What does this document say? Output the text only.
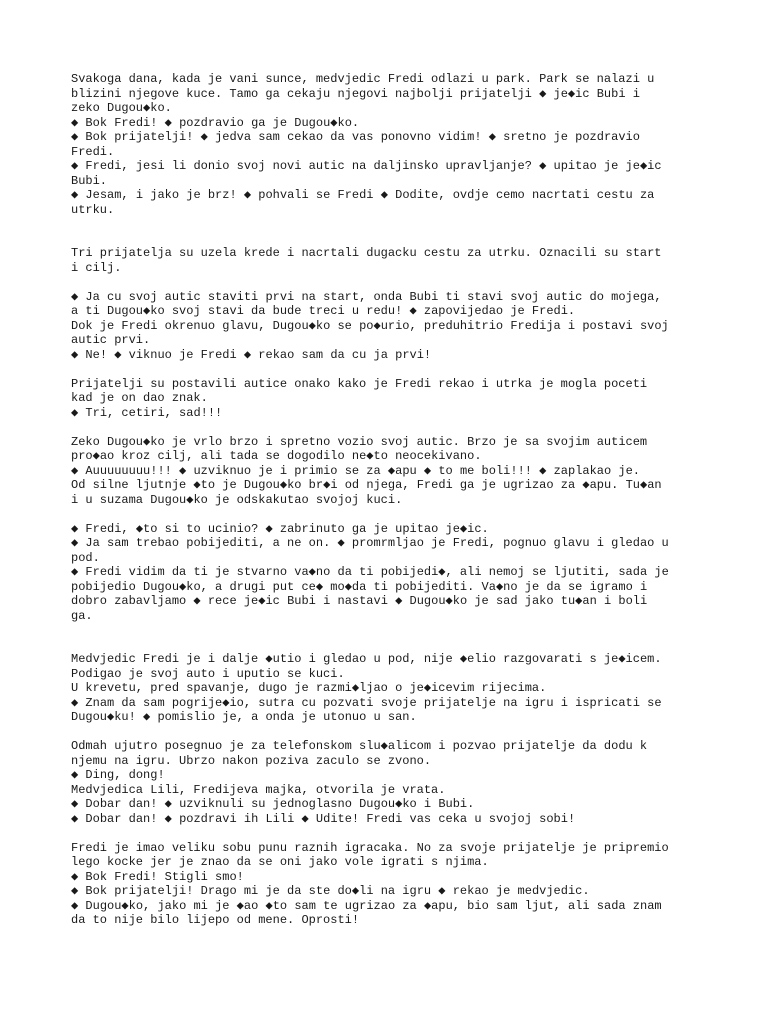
Svakoga dana, kada je vani sunce, medvjedic Fredi odlazi u park. Park se nalazi u
blizini njegove kuce. Tamo ga cekaju njegovi najbolji prijatelji ◆ je◆ic Bubi i
zeko Dugou◆ko.
◆ Bok Fredi! ◆ pozdravio ga je Dugou◆ko.
◆ Bok prijatelji! ◆ jedva sam cekao da vas ponovno vidim! ◆ sretno je pozdravio
Fredi.
◆ Fredi, jesi li donio svoj novi autic na daljinsko upravljanje? ◆ upitao je je◆ic
Bubi.
◆ Jesam, i jako je brz! ◆ pohvali se Fredi ◆ Dodite, ovdje cemo nacrtati cestu za
utrku.
Tri prijatelja su uzela krede i nacrtali dugacku cestu za utrku. Oznacili su start
i cilj.
◆ Ja cu svoj autic staviti prvi na start, onda Bubi ti stavi svoj autic do mojega,
a ti Dugou◆ko svoj stavi da bude treci u redu! ◆ zapovijedao je Fredi.
Dok je Fredi okrenuo glavu, Dugou◆ko se po◆urio, preduhitrio Fredija i postavi svoj
autic prvi.
◆ Ne! ◆ viknuo je Fredi ◆ rekao sam da cu ja prvi!
Prijatelji su postavili autice onako kako je Fredi rekao i utrka je mogla poceti
kad je on dao znak.
◆ Tri, cetiri, sad!!!
Zeko Dugou◆ko je vrlo brzo i spretno vozio svoj autic. Brzo je sa svojim auticem
pro◆ao kroz cilj, ali tada se dogodilo ne◆to neocekivano.
◆ Auuuuuuuu!!! ◆ uzviknuo je i primio se za ◆apu ◆ to me boli!!! ◆ zaplakao je.
Od silne ljutnje ◆to je Dugou◆ko br◆i od njega, Fredi ga je ugrizao za ◆apu. Tu◆an
i u suzama Dugou◆ko je odskakutao svojoj kuci.
◆ Fredi, ◆to si to ucinio? ◆ zabrinuto ga je upitao je◆ic.
◆ Ja sam trebao pobijediti, a ne on. ◆ promrmljao je Fredi, pognuo glavu i gledao u
pod.
◆ Fredi vidim da ti je stvarno va◆no da ti pobijedi◆, ali nemoj se ljutiti, sada je
pobijedio Dugou◆ko, a drugi put ce◆ mo◆da ti pobijediti. Va◆no je da se igramo i
dobro zabavljamo ◆ rece je◆ic Bubi i nastavi ◆ Dugou◆ko je sad jako tu◆an i boli
ga.
Medvjedic Fredi je i dalje ◆utio i gledao u pod, nije ◆elio razgovarati s je◆icem.
Podigao je svoj auto i uputio se kuci.
U krevetu, pred spavanje, dugo je razmi◆ljao o je◆icevim rijecima.
◆ Znam da sam pogrije◆io, sutra cu pozvati svoje prijatelje na igru i ispricati se
Dugou◆ku! ◆ pomislio je, a onda je utonuo u san.
Odmah ujutro posegnuo je za telefonskom slu◆alicom i pozvao prijatelje da dodu k
njemu na igru. Ubrzo nakon poziva zaculo se zvono.
◆ Ding, dong!
Medvjedica Lili, Fredijeva majka, otvorila je vrata.
◆ Dobar dan! ◆ uzviknuli su jednoglasno Dugou◆ko i Bubi.
◆ Dobar dan! ◆ pozdravi ih Lili ◆ Udite! Fredi vas ceka u svojoj sobi!
Fredi je imao veliku sobu punu raznih igracaka. No za svoje prijatelje je pripremio
lego kocke jer je znao da se oni jako vole igrati s njima.
◆ Bok Fredi! Stigli smo!
◆ Bok prijatelji! Drago mi je da ste do◆li na igru ◆ rekao je medvjedic.
◆ Dugou◆ko, jako mi je ◆ao ◆to sam te ugrizao za ◆apu, bio sam ljut, ali sada znam
da to nije bilo lijepo od mene. Oprosti!
